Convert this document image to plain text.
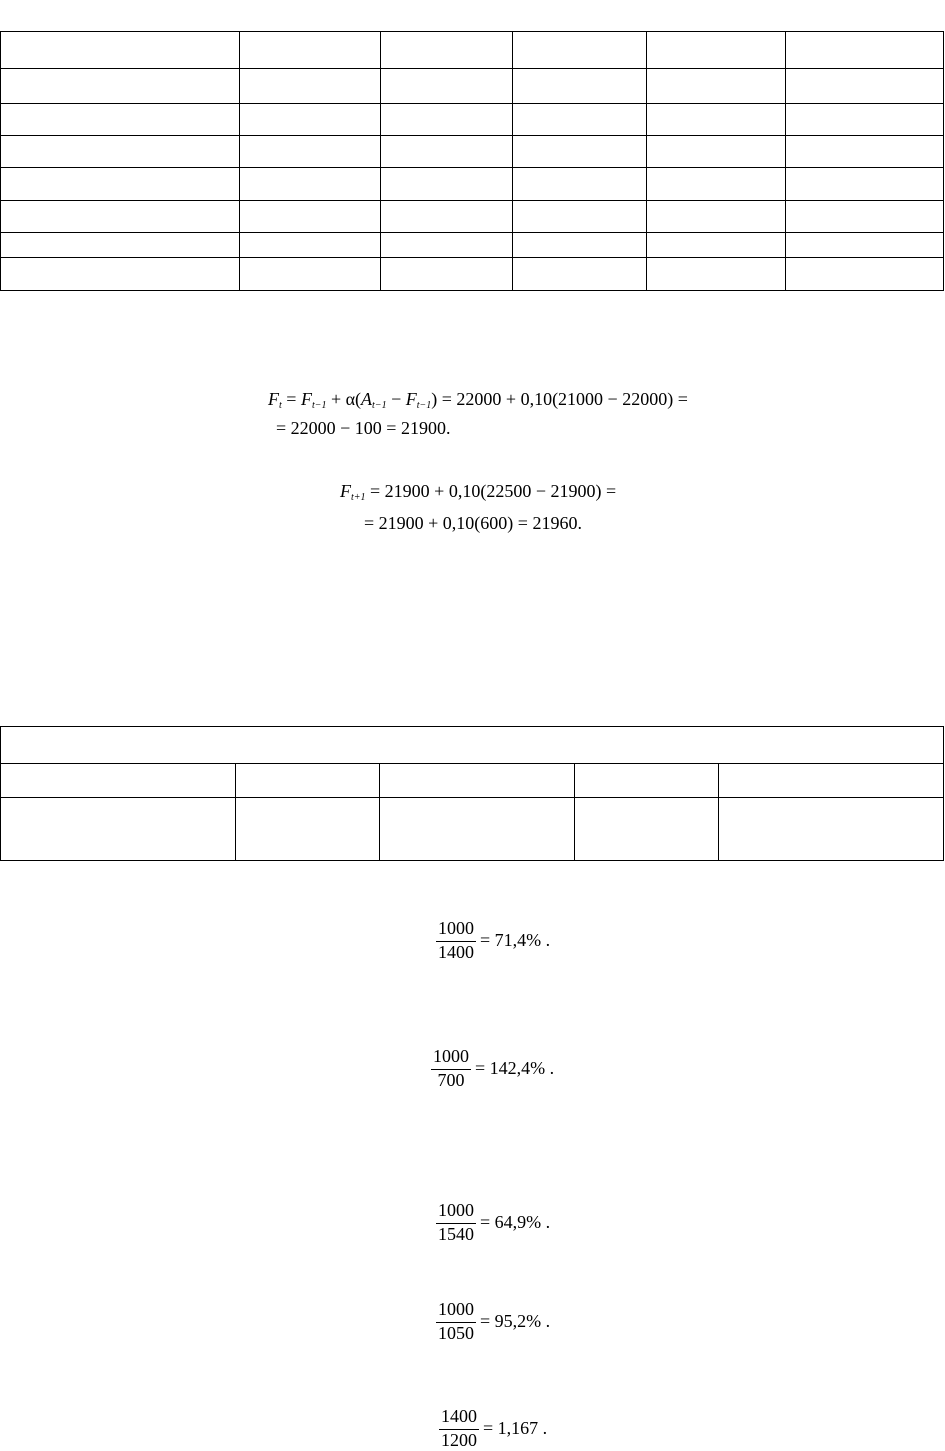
$F_t = F_{t-1} + \alpha(A_{t-1} - F_{t-1}) = 22000 + 0,10(21000 - 22000)$ =
= 22000 − 100 = 21900.
$F_{t+1} = 21900 + 0,10(22500 - 21900)$ =
= 21900 + 0,10(600) = 21960.

1000
1400
= 71,4% .
1000
700
= 142,4% .
1000
1540
= 64,9% .
1000
1050
= 95,2% .
1400
1200
= 1,167 .
